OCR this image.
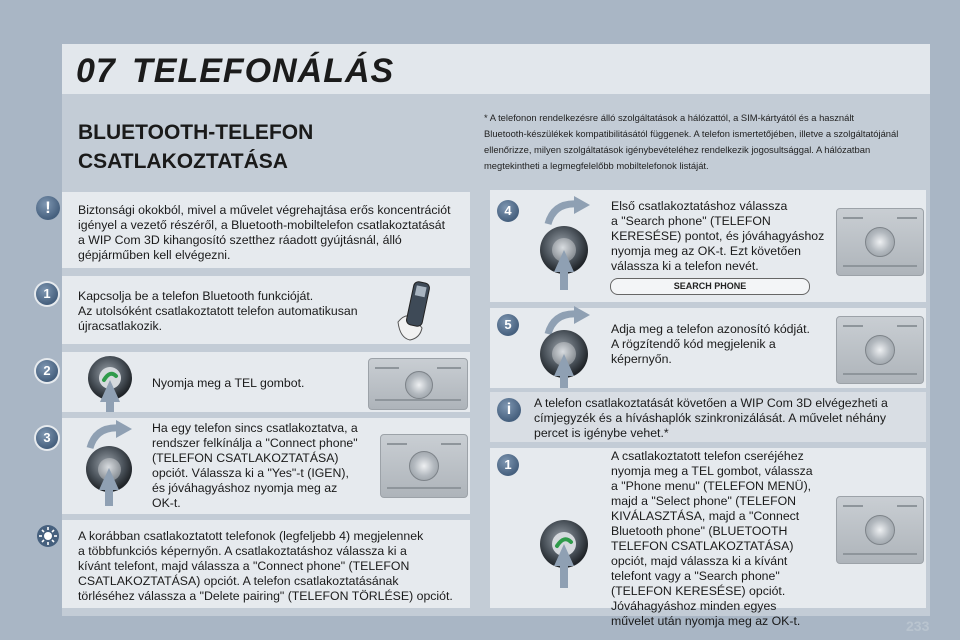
07 TELEFONÁLÁS
BLUETOOTH-TELEFON
CSATLAKOZTATÁSA
* A telefonon rendelkezésre álló szolgáltatások a hálózattól, a SIM-kártyától és a használt
Bluetooth-készülékek kompatibilitásától függenek. A telefon ismertetőjében, illetve a szolgáltatójánál
ellenőrizze, milyen szolgáltatások igénybevételéhez rendelkezik jogosultsággal. A hálózatban
megtekintheti a legmegfelelőbb mobiltelefonok listáját.
!	Biztonsági okokból, mivel a művelet végrehajtása erős koncentrációt
igényel a vezető részéről, a Bluetooth-mobiltelefon csatlakoztatását
a WIP Com 3D kihangosító szetthez ráadott gyújtásnál, álló
gépjárműben kell elvégezni.
1	Kapcsolja be a telefon Bluetooth funkcióját.
Az utolsóként csatlakoztatott telefon automatikusan
újracsatlakozik.
2
Nyomja meg a TEL gombot.
3
Ha egy telefon sincs csatlakoztatva, a
rendszer felkínálja a "Connect phone"
(TELEFON CSATLAKOZTATÁSA)
opciót. Válassza ki a "Yes"-t (IGEN),
és jóváhagyáshoz nyomja meg az
OK-t.
A korábban csatlakoztatott telefonok (legfeljebb 4) megjelennek
a többfunkciós képernyőn. A csatlakoztatáshoz válassza ki a
kívánt telefont, majd válassza a "Connect phone" (TELEFON
CSATLAKOZTATÁSA) opciót. A telefon csatlakoztatásának
törléséhez válassza a "Delete pairing" (TELEFON TÖRLÉSE) opciót.
4	Első csatlakoztatáshoz válassza
a "Search phone" (TELEFON
KERESÉSE) pontot, és jóváhagyáshoz
nyomja meg az OK-t. Ezt követően
válassza ki a telefon nevét.
SEARCH PHONE
5	Adja meg a telefon azonosító kódját.
A rögzítendő kód megjelenik a
képernyőn.
i	A telefon csatlakoztatását követően a WIP Com 3D elvégezheti a
címjegyzék és a híváshaplók szinkronizálását. A művelet néhány
percet is igénybe vehet.*
1
A csatlakoztatott telefon cseréjéhez
nyomja meg a TEL gombot, válassza
a "Phone menu" (TELEFON MENÜ),
majd a "Select phone" (TELEFON
KIVÁLASZTÁSA, majd a "Connect
Bluetooth phone" (BLUETOOTH
TELEFON CSATLAKOZTATÁSA)
opciót, majd válassza ki a kívánt
telefont vagy a "Search phone"
(TELEFON KERESÉSE) opciót.
Jóváhagyáshoz minden egyes
művelet után nyomja meg az OK-t.	233
